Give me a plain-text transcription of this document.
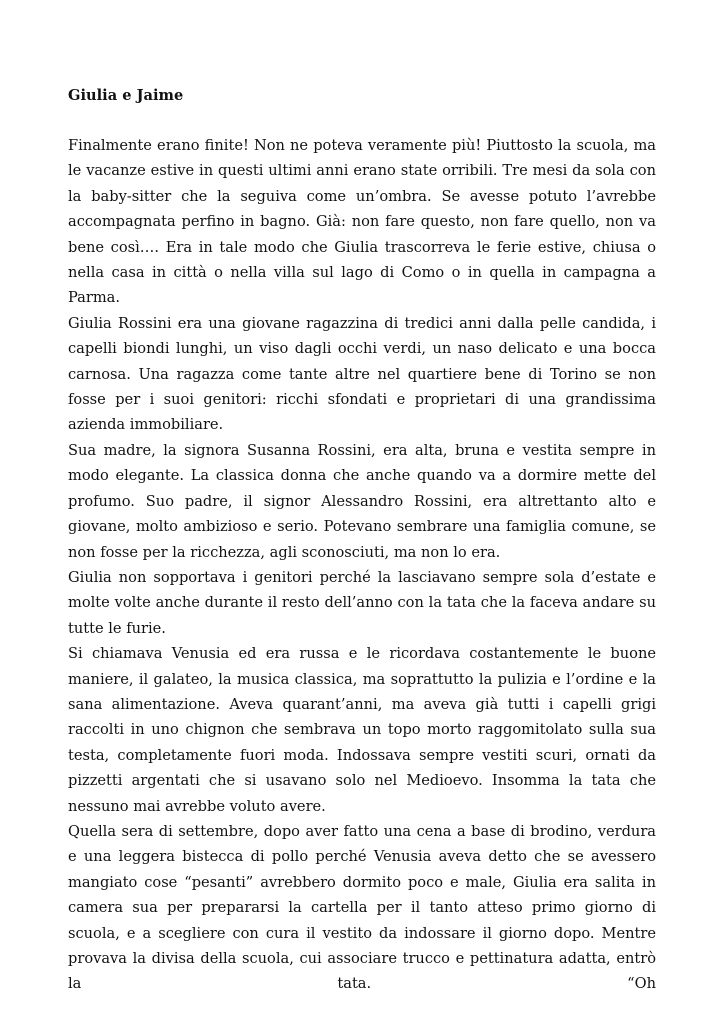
Giulia e Jaime

Finalmente erano finite! Non ne poteva veramente più! Piuttosto la scuola, ma le vacanze estive in questi ultimi anni erano state orribili. Tre mesi da sola con la baby-sitter che la seguiva come un’ombra. Se avesse potuto l’avrebbe accompagnata perfino in bagno. Già: non fare questo, non fare quello, non va bene così…. Era in tale modo che Giulia trascorreva le ferie estive, chiusa o nella casa in città o nella villa sul lago di Como o in quella in campagna a Parma.

Giulia Rossini era una giovane ragazzina di tredici anni dalla pelle candida, i capelli biondi lunghi, un viso dagli occhi verdi, un naso delicato e una bocca carnosa. Una ragazza come tante altre nel quartiere bene di Torino se non fosse per i suoi genitori: ricchi sfondati e proprietari di una grandissima azienda immobiliare.

Sua madre, la signora Susanna Rossini, era alta, bruna e vestita sempre in modo elegante. La classica donna che anche quando va a dormire mette del profumo. Suo padre, il signor Alessandro Rossini, era altrettanto alto e giovane, molto ambizioso e serio. Potevano sembrare una famiglia comune, se non fosse per la ricchezza, agli sconosciuti, ma non lo era.

Giulia non sopportava i genitori perché la lasciavano sempre sola d’estate e molte volte anche durante il resto dell’anno con la tata che la faceva andare su tutte le furie.

Si chiamava Venusia ed era russa e le ricordava costantemente le buone maniere, il galateo, la musica classica, ma soprattutto la pulizia e l’ordine e la sana alimentazione. Aveva quarant’anni, ma aveva già tutti i capelli grigi raccolti in uno chignon che sembrava un topo morto raggomitolato sulla sua testa, completamente fuori moda. Indossava sempre vestiti scuri, ornati da pizzetti argentati che si usavano solo nel Medioevo. Insomma la tata che nessuno mai avrebbe voluto avere.

Quella sera di settembre, dopo aver fatto una cena a base di brodino, verdura e una leggera bistecca di pollo perché Venusia aveva detto che se avessero mangiato cose “pesanti” avrebbero dormito poco e male, Giulia era salita in camera sua per prepararsi la cartella per il tanto atteso primo giorno di scuola, e a scegliere con cura il vestito da indossare il giorno dopo. Mentre provava la divisa della scuola, cui associare trucco e pettinatura adatta, entrò la tata. “Oh
